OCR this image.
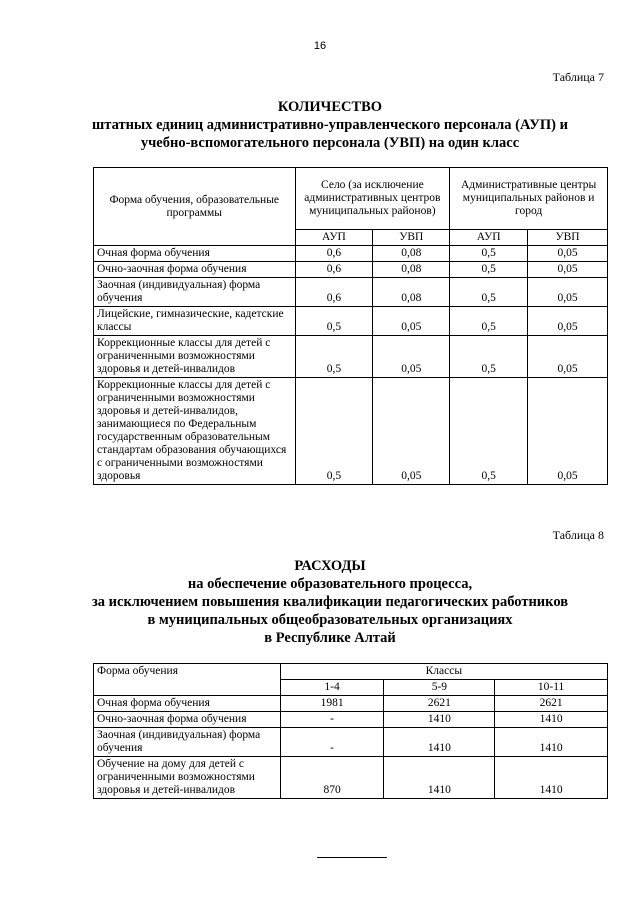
16
Таблица 7
КОЛИЧЕСТВО
штатных единиц административно-управленческого персонала (АУП) и
учебно-вспомогательного персонала (УВП) на один класс
Форма обучения, образовательные программы	Село (за исключение административных центров муниципальных районов)		Административные центры муниципальных районов и город	
	АУП	УВП	АУП	УВП
Очная форма обучения	0,6	0,08	0,5	0,05
Очно-заочная форма обучения	0,6	0,08	0,5	0,05
Заочная (индивидуальная) форма обучения	0,6	0,08	0,5	0,05
Лицейские, гимназические, кадетские классы	0,5	0,05	0,5	0,05
Коррекционные классы для детей с ограниченными возможностями здоровья и детей-инвалидов	0,5	0,05	0,5	0,05
Коррекционные классы для детей с ограниченными возможностями здоровья и детей-инвалидов, занимающиеся по Федеральным государственным образовательным стандартам образования обучающихся с ограниченными возможностями здоровья	0,5	0,05	0,5	0,05
Таблица 8
РАСХОДЫ
на обеспечение образовательного процесса,
за исключением повышения квалификации педагогических работников
в муниципальных общеобразовательных организациях
в Республике Алтай
Форма обучения	Классы		
	1-4	5-9	10-11
Очная форма обучения	1981	2621	2621
Очно-заочная форма обучения	-	1410	1410
Заочная (индивидуальная) форма обучения	-	1410	1410
Обучение на дому для детей с ограниченными возможностями здоровья и детей-инвалидов	870	1410	1410
